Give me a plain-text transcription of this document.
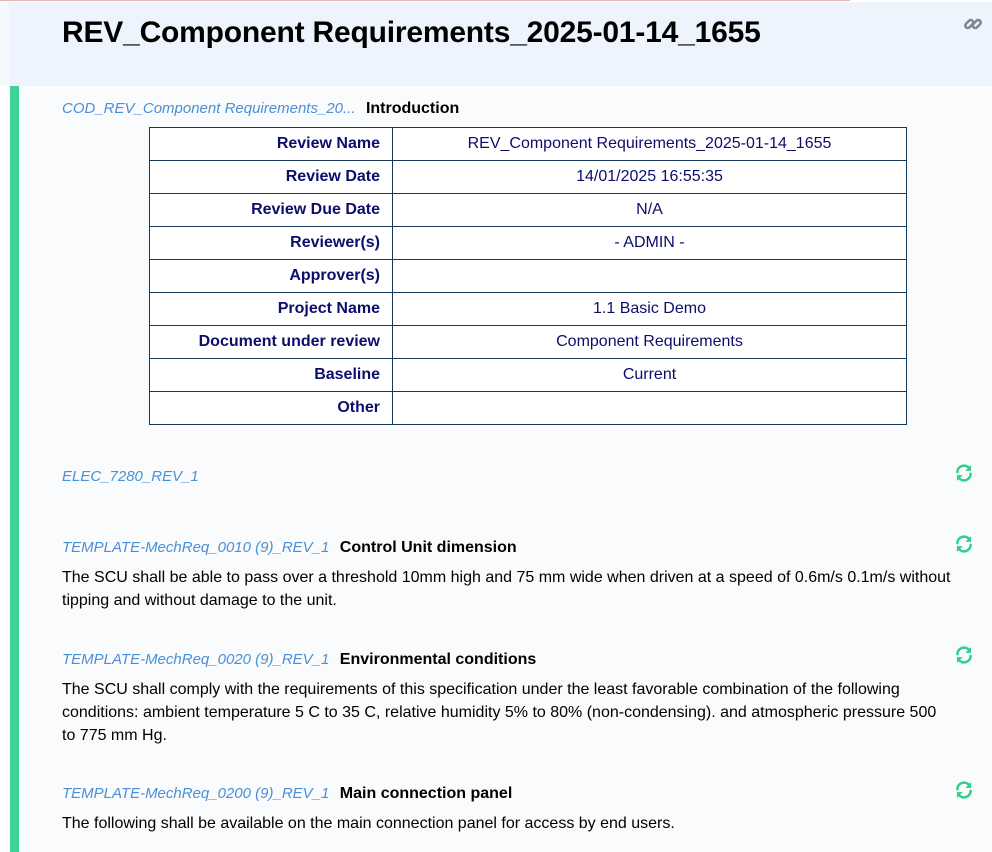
REV_Component Requirements_2025-01-14_1655
COD_REV_Component Requirements_20... Introduction
Review Name	REV_Component Requirements_2025-01-14_1655
Review Date	14/01/2025 16:55:35
Review Due Date	N/A
Reviewer(s)	- ADMIN -
Approver(s)	
Project Name	1.1 Basic Demo
Document under review	Component Requirements
Baseline	Current
Other	
ELEC_7280_REV_1
TEMPLATE-MechReq_0010 (9)_REV_1 Control Unit dimension
The SCU shall be able to pass over a threshold 10mm high and 75 mm wide when driven at a speed of 0.6m/s 0.1m/s without tipping and without damage to the unit.
TEMPLATE-MechReq_0020 (9)_REV_1 Environmental conditions
The SCU shall comply with the requirements of this specification under the least favorable combination of the following conditions: ambient temperature 5 C to 35 C, relative humidity 5% to 80% (non-condensing). and atmospheric pressure 500 to 775 mm Hg.
TEMPLATE-MechReq_0200 (9)_REV_1 Main connection panel
The following shall be available on the main connection panel for access by end users.
